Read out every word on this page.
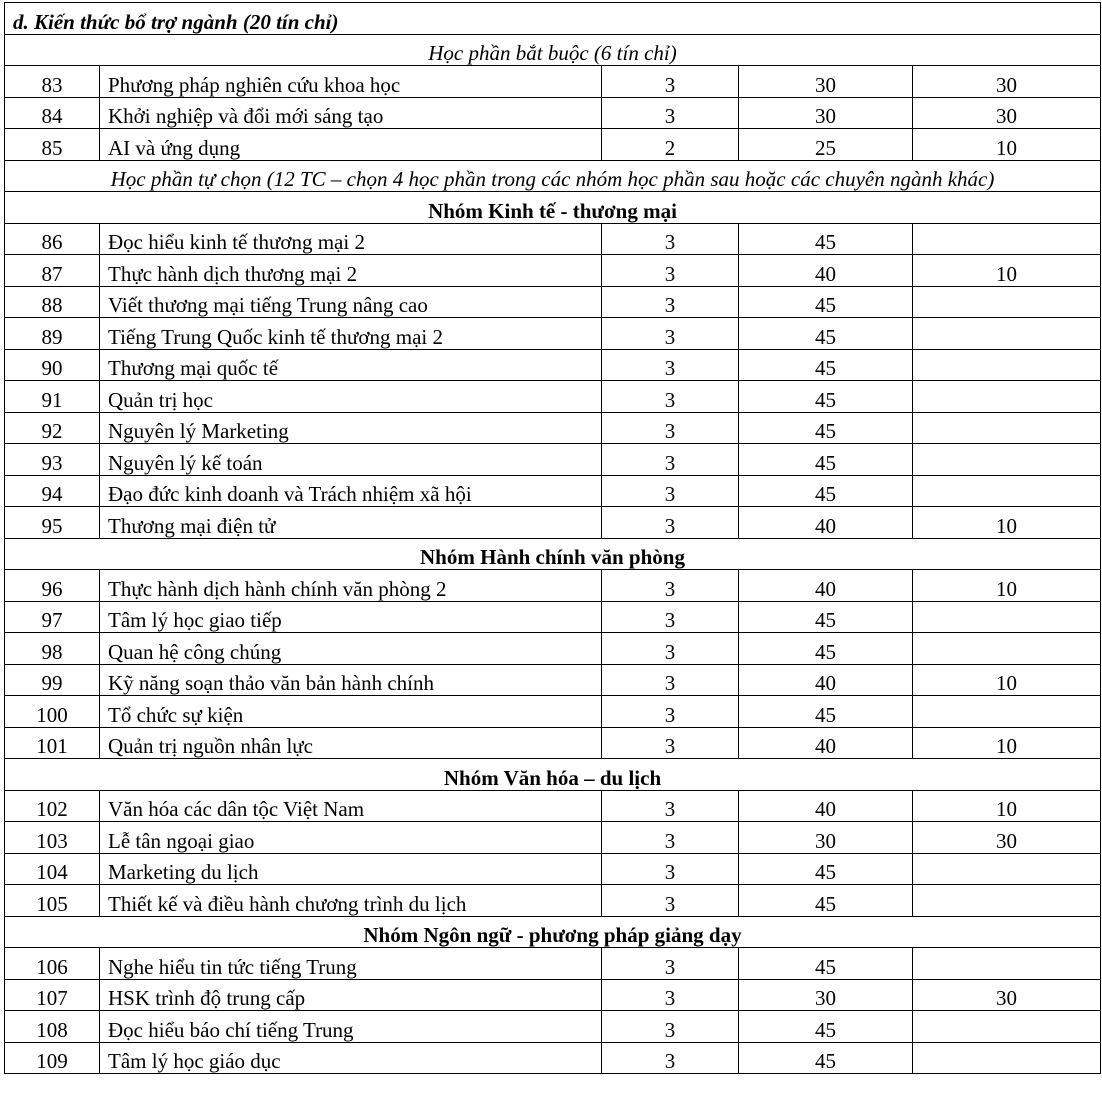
d. Kiến thức bổ trợ ngành (20 tín chỉ)				
Học phần bắt buộc (6 tín chỉ)				
83	Phương pháp nghiên cứu khoa học	3	30	30
84	Khởi nghiệp và đổi mới sáng tạo	3	30	30
85	AI và ứng dụng	2	25	10
Học phần tự chọn (12 TC – chọn 4 học phần trong các nhóm học phần sau hoặc các chuyên ngành khác)				
Nhóm Kinh tế - thương mại				
86	Đọc hiểu kinh tế thương mại 2	3	45	
87	Thực hành dịch thương mại 2	3	40	10
88	Viết thương mại tiếng Trung nâng cao	3	45	
89	Tiếng Trung Quốc kinh tế thương mại 2	3	45	
90	Thương mại quốc tế	3	45	
91	Quản trị học	3	45	
92	Nguyên lý Marketing	3	45	
93	Nguyên lý kế toán	3	45	
94	Đạo đức kinh doanh và Trách nhiệm xã hội	3	45	
95	Thương mại điện tử	3	40	10
Nhóm Hành chính văn phòng				
96	Thực hành dịch hành chính văn phòng 2	3	40	10
97	Tâm lý học giao tiếp	3	45	
98	Quan hệ công chúng	3	45	
99	Kỹ năng soạn thảo văn bản hành chính	3	40	10
100	Tổ chức sự kiện	3	45	
101	Quản trị nguồn nhân lực	3	40	10
Nhóm Văn hóa – du lịch				
102	Văn hóa các dân tộc Việt Nam	3	40	10
103	Lễ tân ngoại giao	3	30	30
104	Marketing du lịch	3	45	
105	Thiết kế và điều hành chương trình du lịch	3	45	
Nhóm Ngôn ngữ - phương pháp giảng dạy				
106	Nghe hiểu tin tức tiếng Trung	3	45	
107	HSK trình độ trung cấp	3	30	30
108	Đọc hiểu báo chí tiếng Trung	3	45	
109	Tâm lý học giáo dục	3	45	
